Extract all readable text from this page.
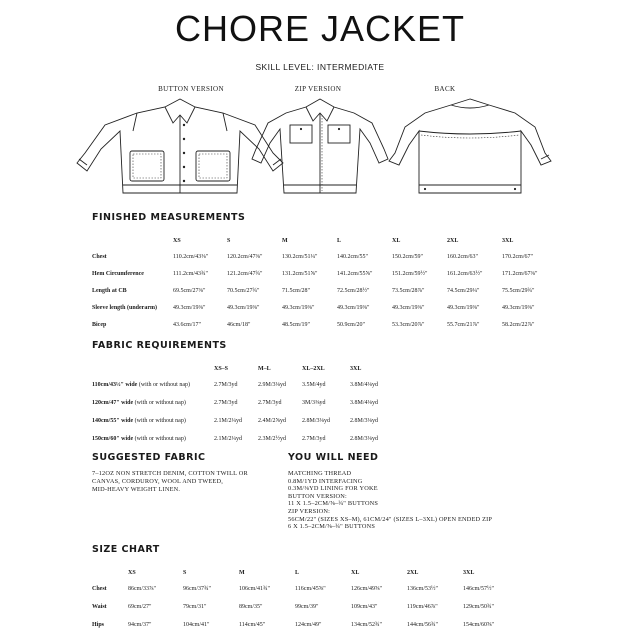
CHORE JACKET
SKILL LEVEL: INTERMEDIATE
BUTTON VERSION	ZIP VERSION	BACK
FINISHED MEASUREMENTS
	XS	S	M	L	XL	2XL	3XL
Chest	110.2cm/43⅜"	120.2cm/47⅜"	130.2cm/51¼"	140.2cm/55"	150.2cm/59"	160.2cm/63"	170.2cm/67"
Hem Circumference	111.2cm/43¾"	121.2cm/47¾"	131.2cm/51⅝"	141.2cm/55⅝"	151.2cm/59½"	161.2cm/63½"	171.2cm/67⅜"
Length at CB	69.5cm/27⅜"	70.5cm/27¾"	71.5cm/28"	72.5cm/28½"	73.5cm/28⅞"	74.5cm/29¼"	75.5cm/29¾"
Sleeve length (underarm)	49.3cm/19⅜"	49.3cm/19⅜"	49.3cm/19⅜"	49.3cm/19⅜"	49.3cm/19⅜"	49.3cm/19⅜"	49.3cm/19⅜"
Bicep	43.6cm/17"	46cm/18"	48.5cm/19"	50.9cm/20"	53.3cm/20⅞"	55.7cm/21⅞"	58.2cm/22⅞"
FABRIC REQUIREMENTS
	XS–S	M–L	XL–2XL	3XL
110cm/43½" wide (with or without nap)	2.7M/3yd	2.9M/3⅛yd	3.5M/4yd	3.8M/4⅛yd
120cm/47" wide (with or without nap)	2.7M/3yd	2.7M/3yd	3M/3⅜yd	3.8M/4⅛yd
140cm/55" wide (with or without nap)	2.1M/2¼yd	2.4M/2⅝yd	2.8M/3⅛yd	2.8M/3⅛yd
150cm/60" wide (with or without nap)	2.1M/2¼yd	2.3M/2½yd	2.7M/3yd	2.8M/3⅛yd
SUGGESTED FABRIC
7–12OZ NON STRETCH DENIM, COTTON TWILL OR
CANVAS, CORDUROY, WOOL AND TWEED,
MID-HEAVY WEIGHT LINEN.
YOU WILL NEED
MATCHING THREAD
0.8M/1YD INTERFACING
0.3M/⅜YD LINING FOR YOKE
BUTTON VERSION:
11 X 1.5–2CM/⅝–¾" BUTTONS
ZIP VERSION:
56CM/22" (SIZES XS–M), 61CM/24" (SIZES L–3XL) OPEN ENDED ZIP
6 X 1.5–2CM/⅝–¾" BUTTONS
SIZE CHART
	XS	S	M	L	XL	2XL	3XL
Chest	86cm/33⅞"	96cm/37¾"	106cm/41¾"	116cm/45⅝"	126cm/49⅝"	136cm/53½"	146cm/57½"
Waist	69cm/27"	79cm/31"	89cm/35"	99cm/39"	109cm/43"	119cm/46⅞"	129cm/50¾"
Hips	94cm/37"	104cm/41"	114cm/45"	124cm/49"	134cm/52¾"	144cm/56¾"	154cm/60⅝"
